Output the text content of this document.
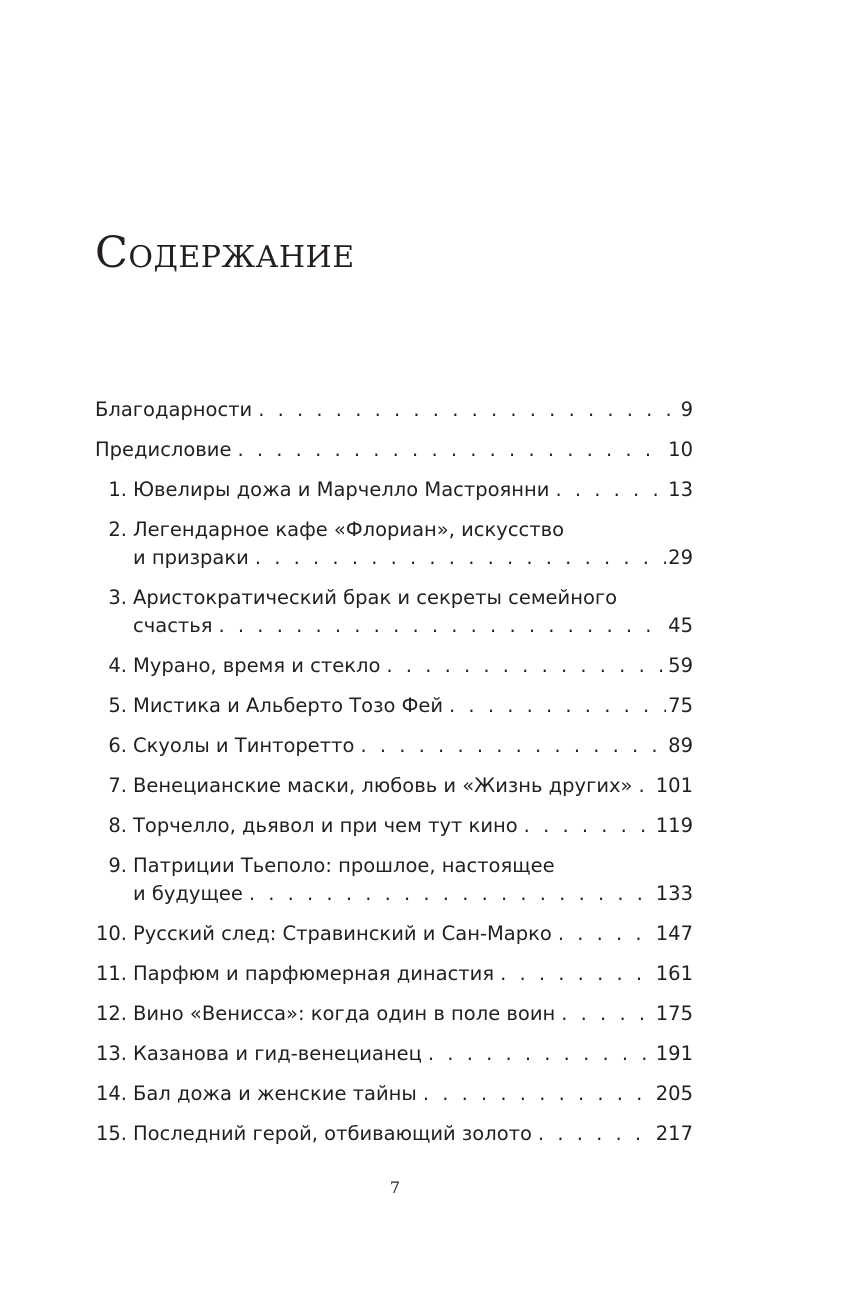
Содержание
Благодарности . . .	9
Предисловие . . .	10
1. Ювелиры дожа и Марчелло Мастроянни . . .	13
2. Легендарное кафе «Флориан», искусство
и призраки . . .	29
3. Аристократический брак и секреты семейного
счастья . . .	45
4. Мурано, время и стекло . . .	59
5. Мистика и Альберто Тозо Фей . . .	75
6. Скуолы и Тинторетто . . .	89
7. Венецианские маски, любовь и «Жизнь других» . . . 101
8. Торчелло, дьявол и при чем тут кино . . .	119
9. Патриции Тьеполо: прошлое, настоящее
и будущее . . .	133
10. Русский след: Стравинский и Сан-Марко . . .	147
11. Парфюм и парфюмерная династия . . .	161
12. Вино «Венисса»: когда один в поле воин . . .	175
13. Казанова и гид-венецианец . . .	191
14. Бал дожа и женские тайны . . .	205
15. Последний герой, отбивающий золото . . .	217
7
